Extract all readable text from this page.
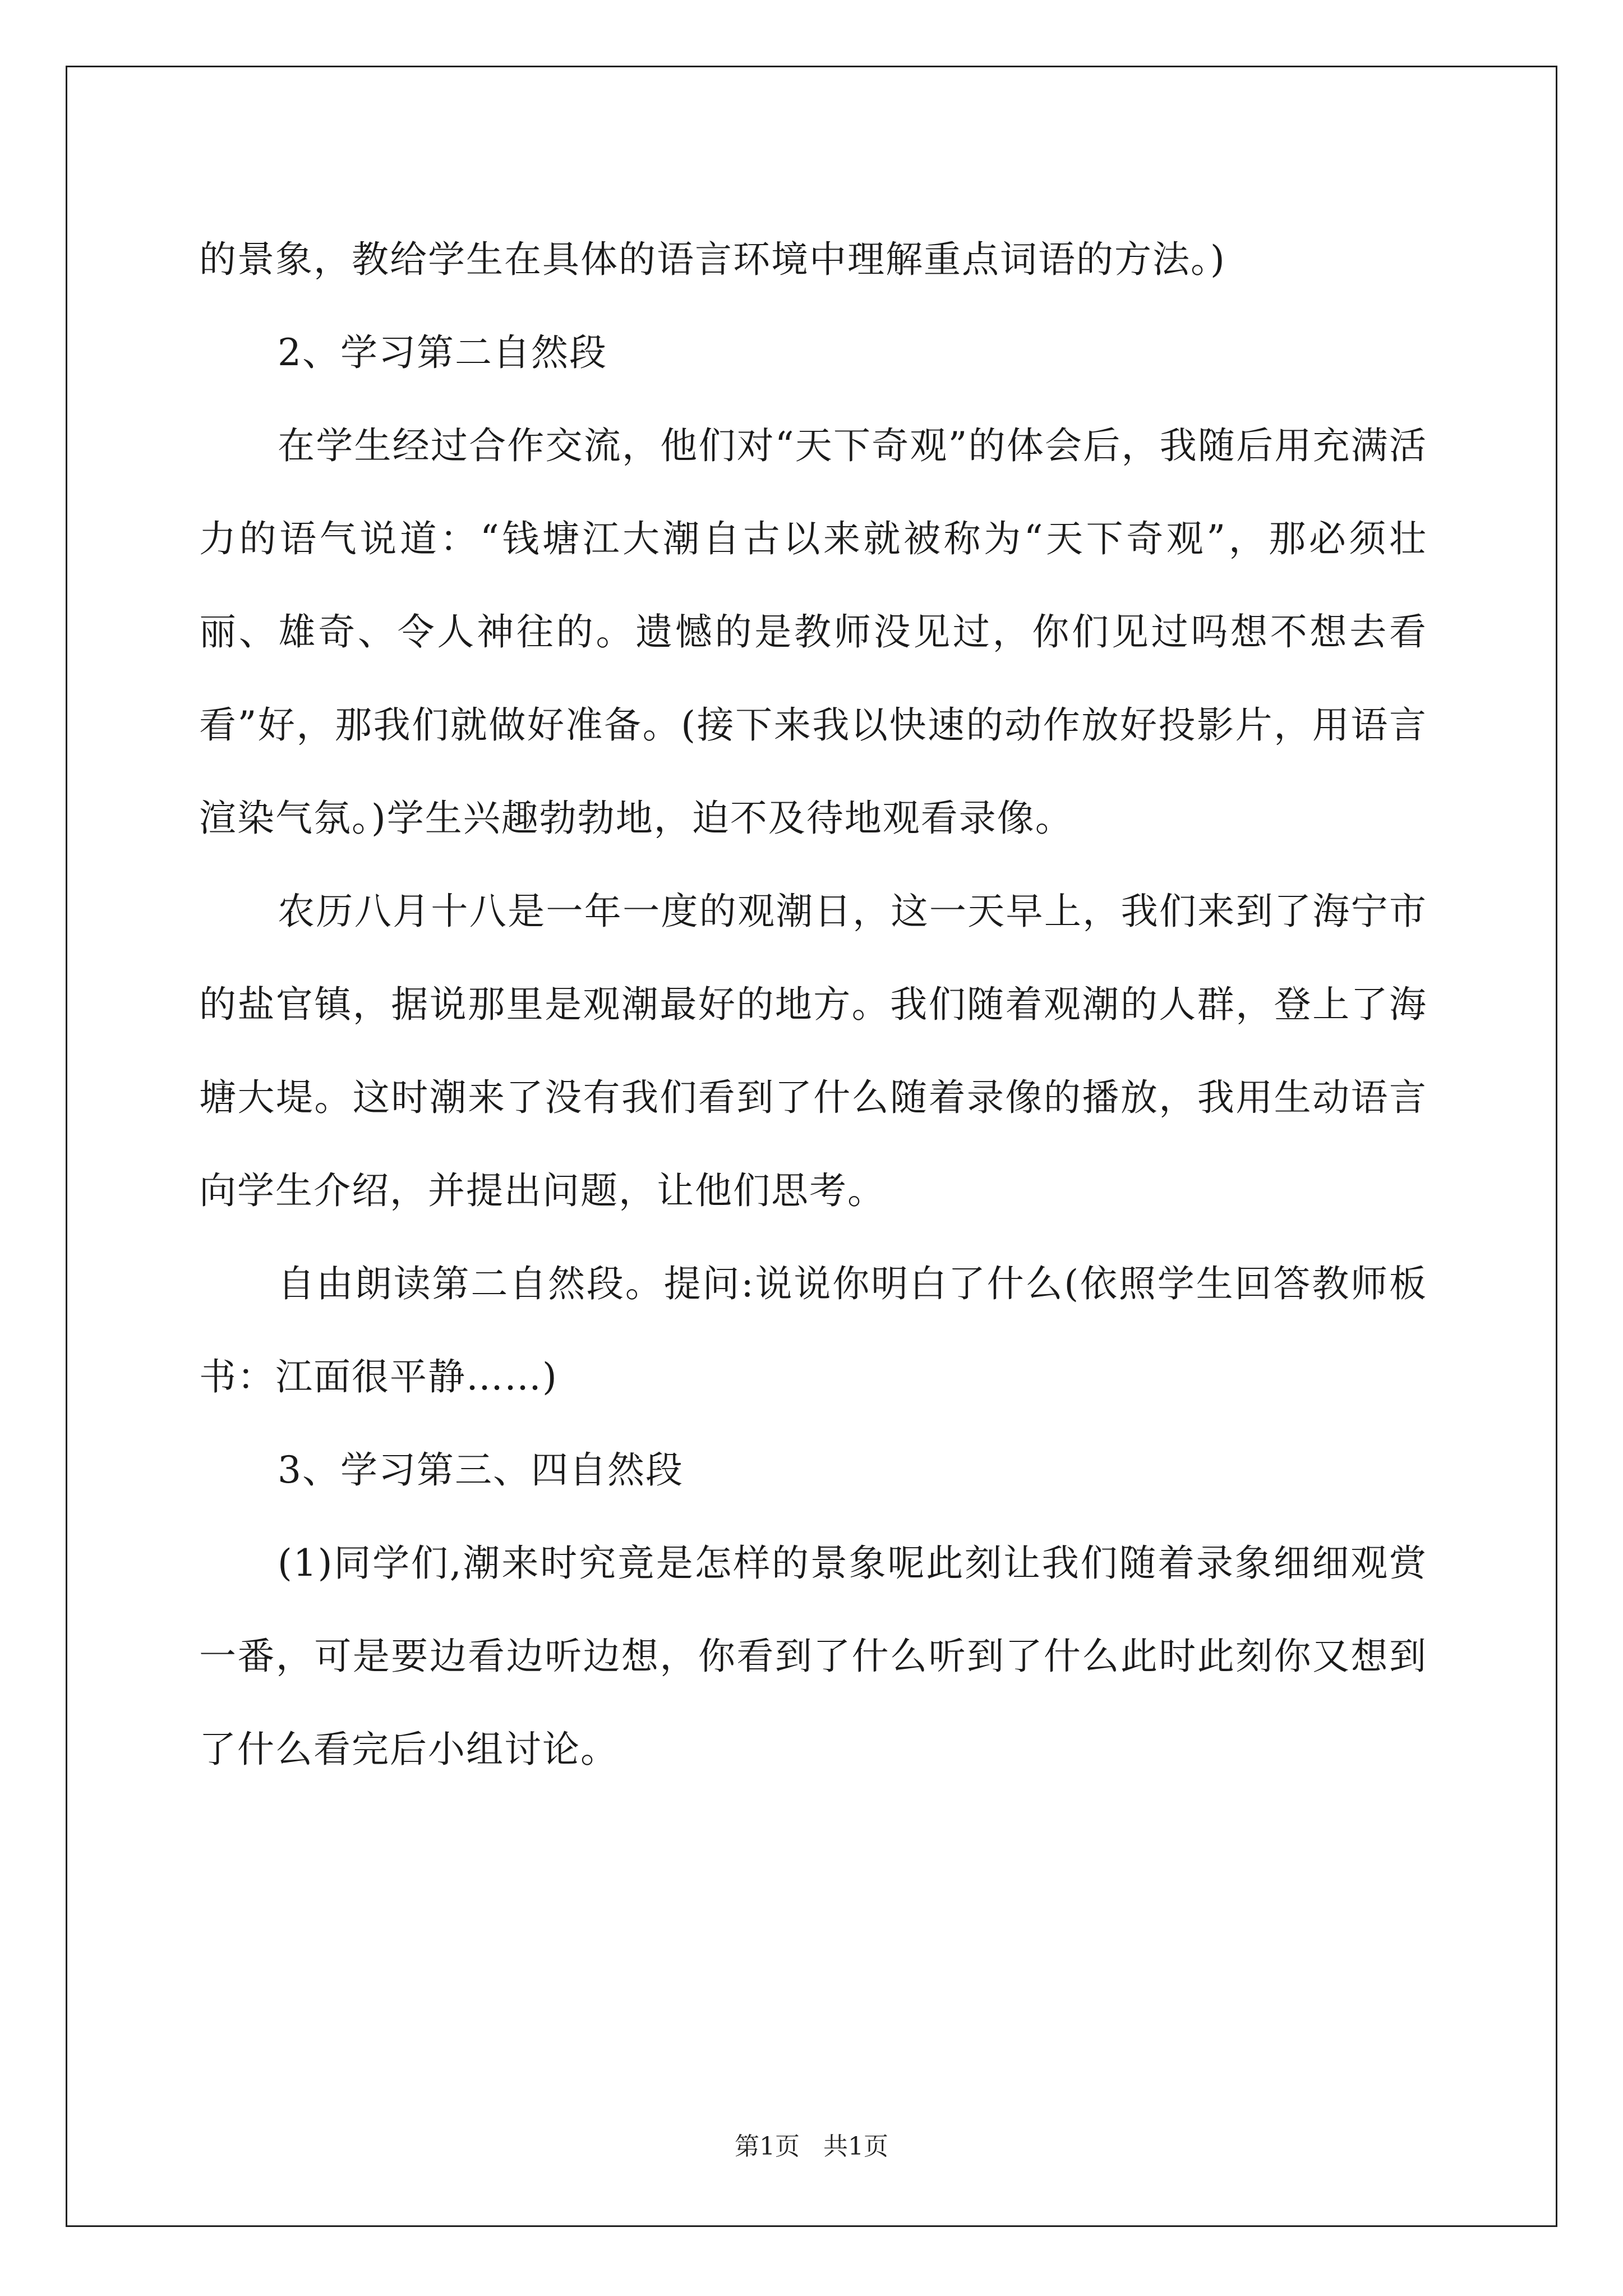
的景象，教给学生在具体的语言环境中理解重点词语的方法。)

2、学习第二自然段

在学生经过合作交流，他们对“天下奇观”的体会后，我随后用充满活力的语气说道：“钱塘江大潮自古以来就被称为“天下奇观”，那必须壮丽、雄奇、令人神往的。遗憾的是教师没见过，你们见过吗想不想去看看”好，那我们就做好准备。(接下来我以快速的动作放好投影片，用语言渲染气氛。)学生兴趣勃勃地，迫不及待地观看录像。

农历八月十八是一年一度的观潮日，这一天早上，我们来到了海宁市的盐官镇，据说那里是观潮最好的地方。我们随着观潮的人群，登上了海塘大堤。这时潮来了没有我们看到了什么随着录像的播放，我用生动语言向学生介绍，并提出问题，让他们思考。

自由朗读第二自然段。提问:说说你明白了什么(依照学生回答教师板书：江面很平静……)

3、学习第三、四自然段

(1)同学们,潮来时究竟是怎样的景象呢此刻让我们随着录象细细观赏一番，可是要边看边听边想，你看到了什么听到了什么此时此刻你又想到了什么看完后小组讨论。

第1页 共1页
